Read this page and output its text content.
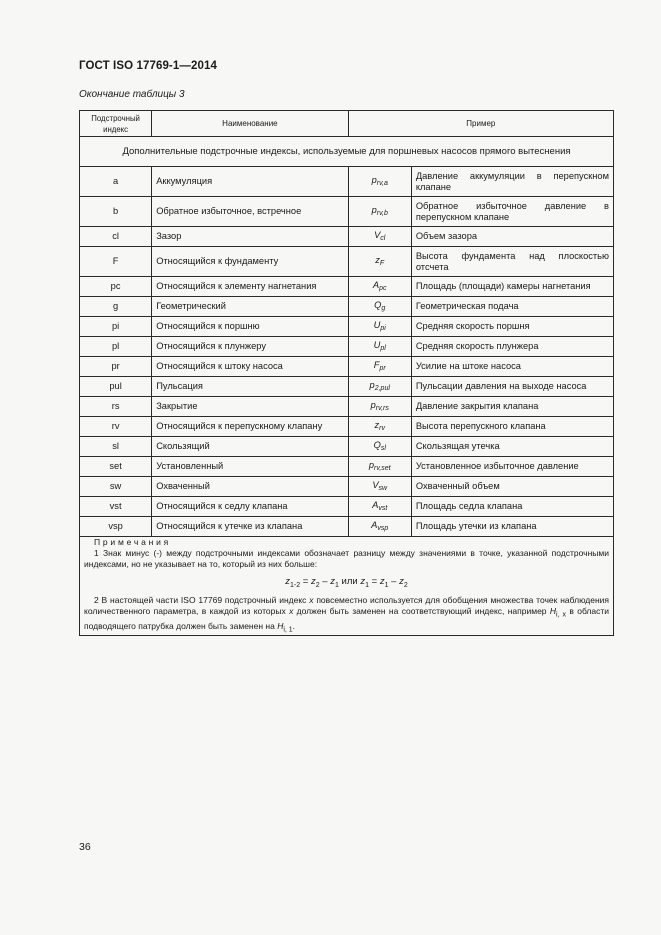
ГОСТ ISO 17769-1—2014
Окончание таблицы 3
Подстрочный индекс	Наименование	Пример	
Дополнительные подстрочные индексы, используемые для поршневых насосов прямого вытеснения			
a	Аккумуляция	$p_{rv,a}$	Давление аккумуляции в перепускном клапане
b	Обратное избыточное, встречное	$p_{rv,b}$	Обратное избыточное давление в перепускном клапане
cl	Зазор	$V_{cl}$	Объем зазора
F	Относящийся к фундаменту	$z_F$	Высота фундамента над плоскостью отсчета
pc	Относящийся к элементу нагнетания	$A_{pc}$	Площадь (площади) камеры нагнетания
g	Геометрический	$Q_g$	Геометрическая подача
pi	Относящийся к поршню	$U_{pi}$	Средняя скорость поршня
pl	Относящийся к плунжеру	$U_{pl}$	Средняя скорость плунжера
pr	Относящийся к штоку насоса	$F_{pr}$	Усилие на штоке насоса
pul	Пульсация	$p_{2,pul}$	Пульсации давления на выходе насоса
rs	Закрытие	$p_{rv,rs}$	Давление закрытия клапана
rv	Относящийся к перепускному клапану	$z_{rv}$	Высота перепускного клапана
sl	Скользящий	$Q_{sl}$	Скользящая утечка
set	Установленный	$p_{rv,set}$	Установленное избыточное давление
sw	Охваченный	$V_{sw}$	Охваченный объем
vst	Относящийся к седлу клапана	$A_{vst}$	Площадь седла клапана
vsp	Относящийся к утечке из клапана	$A_{vsp}$	Площадь утечки из клапана

Примечания

1 Знак минус (-) между подстрочными индексами обозначает разницу между значениями в точке, указанной подстрочными индексами, но не указывает на то, который из них больше:

$z_{1-2} = z_2 - z_1$ или $z_1 = z_1 - z_2$

2 В настоящей части ISO 17769 подстрочный индекс x повсеместно используется для обобщения множества точек наблюдения количественного параметра, в каждой из которых x должен быть заменен на соответствующий индекс, например $H_{i, x}$ в области подводящего патрубка должен быть заменен на $H_{i, 1}$.			

36
